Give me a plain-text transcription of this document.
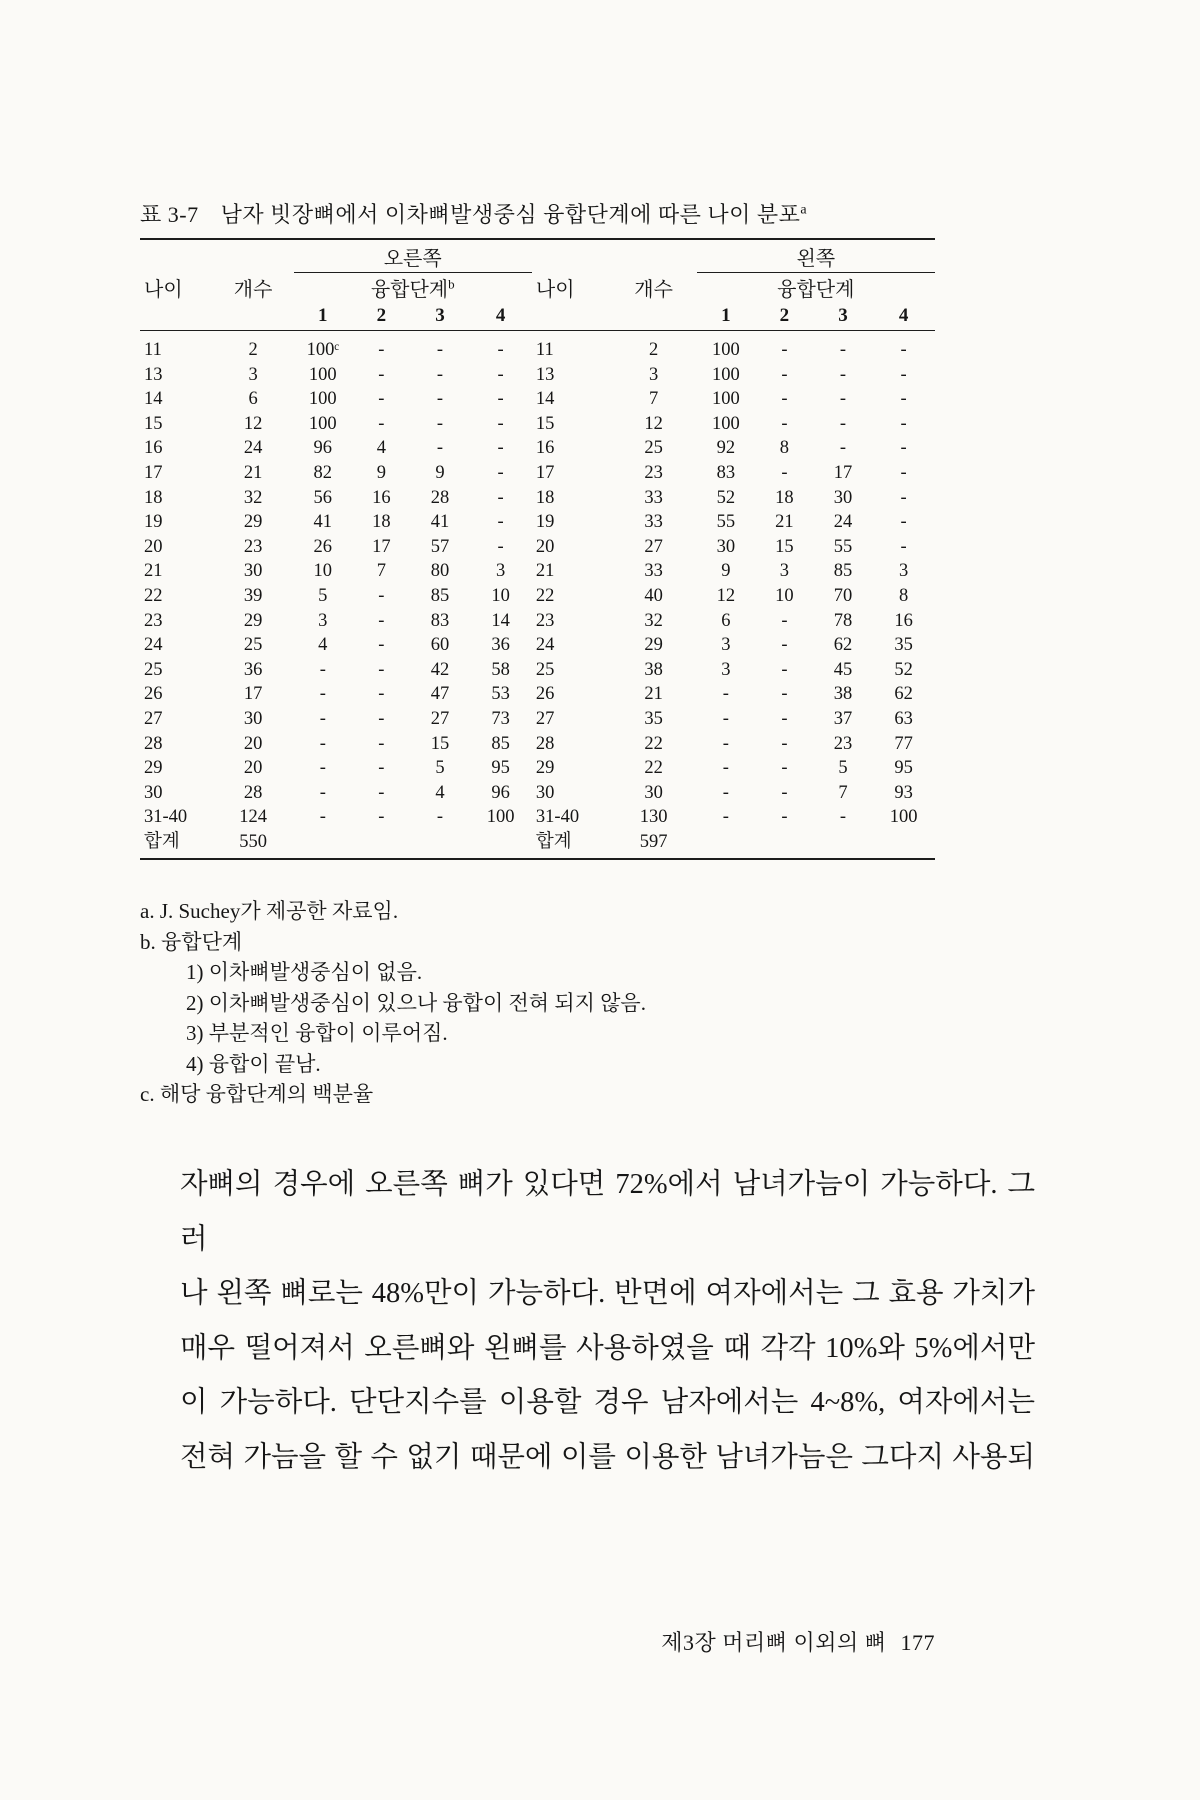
표 3-7 남자 빗장뼈에서 이차뼈발생중심 융합단계에 따른 나이 분포$^a$
		오른쪽						왼쪽			
나이	개수	융합단계$^b$				나이	개수	융합단계			
		1	2	3	4			1	2	3	4
11	2	100ᶜ	-	-	-	11	2	100	-	-	-
13	3	100	-	-	-	13	3	100	-	-	-
14	6	100	-	-	-	14	7	100	-	-	-
15	12	100	-	-	-	15	12	100	-	-	-
16	24	96	4	-	-	16	25	92	8	-	-
17	21	82	9	9	-	17	23	83	-	17	-
18	32	56	16	28	-	18	33	52	18	30	-
19	29	41	18	41	-	19	33	55	21	24	-
20	23	26	17	57	-	20	27	30	15	55	-
21	30	10	7	80	3	21	33	9	3	85	3
22	39	5	-	85	10	22	40	12	10	70	8
23	29	3	-	83	14	23	32	6	-	78	16
24	25	4	-	60	36	24	29	3	-	62	35
25	36	-	-	42	58	25	38	3	-	45	52
26	17	-	-	47	53	26	21	-	-	38	62
27	30	-	-	27	73	27	35	-	-	37	63
28	20	-	-	15	85	28	22	-	-	23	77
29	20	-	-	5	95	29	22	-	-	5	95
30	28	-	-	4	96	30	30	-	-	7	93
31-40	124	-	-	-	100	31-40	130	-	-	-	100
합계	550					합계	597				
a. J. Suchey가 제공한 자료임.
b. 융합단계
1) 이차뼈발생중심이 없음.
2) 이차뼈발생중심이 있으나 융합이 전혀 되지 않음.
3) 부분적인 융합이 이루어짐.
4) 융합이 끝남.
c. 해당 융합단계의 백분율
자뼈의 경우에 오른쪽 뼈가 있다면 72%에서 남녀가늠이 가능하다. 그러
나 왼쪽 뼈로는 48%만이 가능하다. 반면에 여자에서는 그 효용 가치가
매우 떨어져서 오른뼈와 왼뼈를 사용하였을 때 각각 10%와 5%에서만
이 가능하다. 단단지수를 이용할 경우 남자에서는 4~8%, 여자에서는
전혀 가늠을 할 수 없기 때문에 이를 이용한 남녀가늠은 그다지 사용되
제3장 머리뼈 이외의 뼈 177
